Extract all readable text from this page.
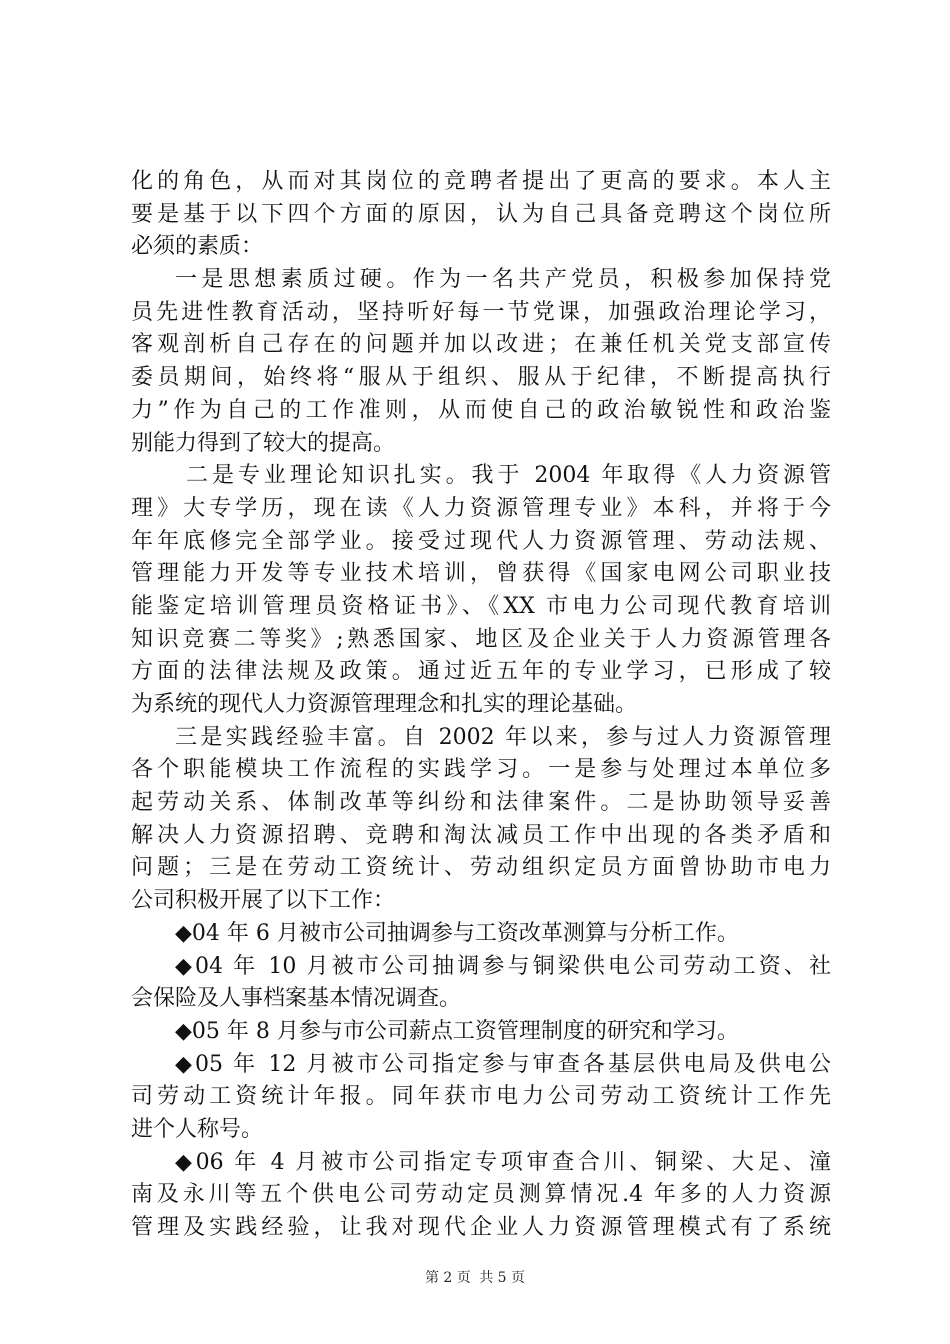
化的角色，从而对其岗位的竞聘者提出了更高的要求。本人主
要是基于以下四个方面的原因，认为自己具备竞聘这个岗位所
必须的素质：
一是思想素质过硬。作为一名共产党员，积极参加保持党
员先进性教育活动，坚持听好每一节党课，加强政治理论学习，
客观剖析自己存在的问题并加以改进；在兼任机关党支部宣传
委员期间，始终将“服从于组织、服从于纪律，不断提高执行
力”作为自己的工作准则，从而使自己的政治敏锐性和政治鉴
别能力得到了较大的提高。
二是专业理论知识扎实。我于 2004 年取得《人力资源管
理》大专学历，现在读《人力资源管理专业》本科，并将于今
年年底修完全部学业。接受过现代人力资源管理、劳动法规、
管理能力开发等专业技术培训，曾获得《国家电网公司职业技
能鉴定培训管理员资格证书》、《XX 市电力公司现代教育培训
知识竞赛二等奖》;熟悉国家、地区及企业关于人力资源管理各
方面的法律法规及政策。通过近五年的专业学习，已形成了较
为系统的现代人力资源管理理念和扎实的理论基础。
三是实践经验丰富。自 2002 年以来，参与过人力资源管理
各个职能模块工作流程的实践学习。一是参与处理过本单位多
起劳动关系、体制改革等纠纷和法律案件。二是协助领导妥善
解决人力资源招聘、竞聘和淘汰减员工作中出现的各类矛盾和
问题；三是在劳动工资统计、劳动组织定员方面曾协助市电力
公司积极开展了以下工作：
◆04 年 6 月被市公司抽调参与工资改革测算与分析工作。
◆04 年 10 月被市公司抽调参与铜梁供电公司劳动工资、社
会保险及人事档案基本情况调查。
◆05 年 8 月参与市公司薪点工资管理制度的研究和学习。
◆05 年 12 月被市公司指定参与审查各基层供电局及供电公
司劳动工资统计年报。同年获市电力公司劳动工资统计工作先
进个人称号。
◆06 年 4 月被市公司指定专项审查合川、铜梁、大足、潼
南及永川等五个供电公司劳动定员测算情况.4 年多的人力资源
管理及实践经验，让我对现代企业人力资源管理模式有了系统
第 2 页 共 5 页
